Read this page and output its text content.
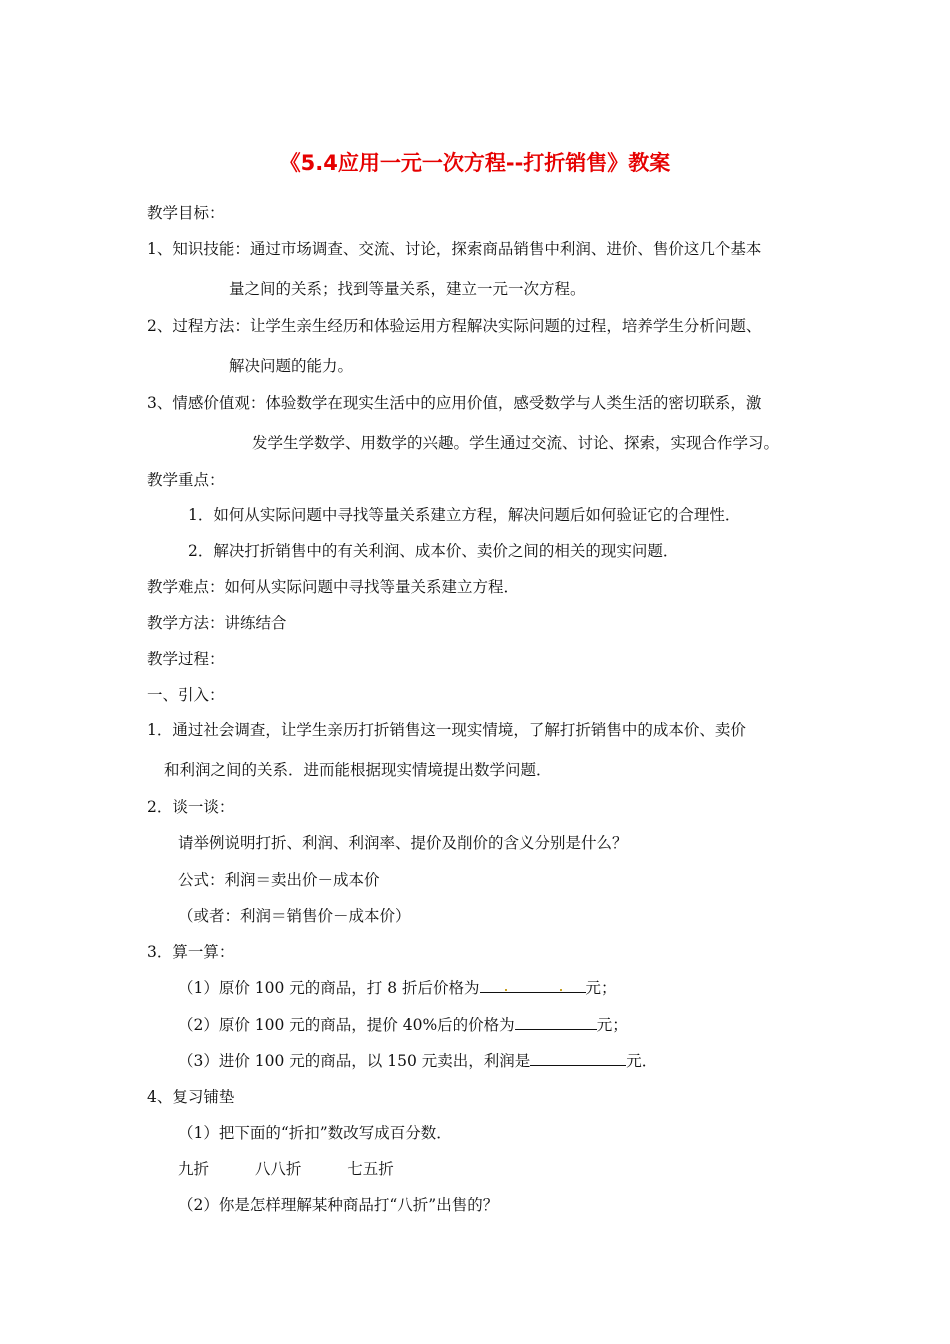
《5.4应用一元一次方程--打折销售》教案
教学目标：
1、知识技能：通过市场调查、交流、讨论，探索商品销售中利润、进价、售价这几个基本
量之间的关系；找到等量关系，建立一元一次方程。
2、过程方法：让学生亲生经历和体验运用方程解决实际问题的过程，培养学生分析问题、
解决问题的能力。
3、情感价值观：体验数学在现实生活中的应用价值，感受数学与人类生活的密切联系，激
发学生学数学、用数学的兴趣。学生通过交流、讨论、探索，实现合作学习。
教学重点：
1．如何从实际问题中寻找等量关系建立方程，解决问题后如何验证它的合理性．
2．解决打折销售中的有关利润、成本价、卖价之间的相关的现实问题．
教学难点：如何从实际问题中寻找等量关系建立方程．
教学方法：讲练结合
教学过程：
一、引入：
1．通过社会调查，让学生亲历打折销售这一现实情境，了解打折销售中的成本价、卖价
和利润之间的关系．进而能根据现实情境提出数学问题．
2．谈一谈：
请举例说明打折、利润、利润率、提价及削价的含义分别是什么？
公式：利润＝卖出价－成本价
（或者：利润＝销售价－成本价）
3．算一算：
（1）原价 100 元的商品，打 8 折后价格为	元；
（2）原价 100 元的商品，提价 40%后的价格为	元；
（3）进价 100 元的商品，以 150 元卖出，利润是	元．
4、复习铺垫
（1）把下面的“折扣”数改写成百分数．
九折	八八折	七五折
（2）你是怎样理解某种商品打“八折”出售的？
